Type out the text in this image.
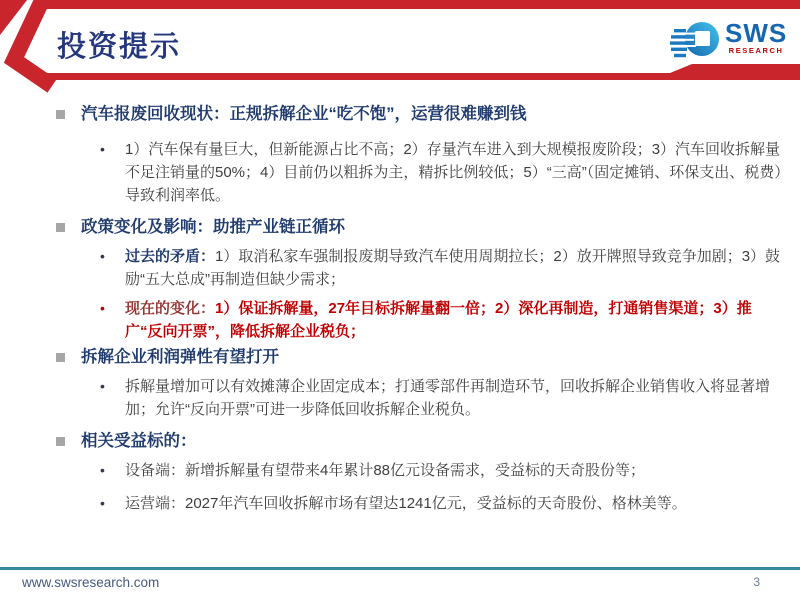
投资提示	SWS
RESEARCH
汽车报废回收现状：正规拆解企业“吃不饱”，运营很难赚到钱
•	1）汽车保有量巨大，但新能源占比不高；2）存量汽车进入到大规模报废阶段；3）汽车回收拆解量不足注销量的50%；4）目前仍以粗拆为主，精拆比例较低；5）“三高”（固定摊销、环保支出、税费）导致利润率低。

政策变化及影响：助推产业链正循环
•	过去的矛盾：1）取消私家车强制报废期导致汽车使用周期拉长；2）放开牌照导致竞争加剧；3）鼓励“五大总成”再制造但缺少需求；

•	现在的变化：1）保证拆解量，27年目标拆解量翻一倍；2）深化再制造，打通销售渠道；3）推广“反向开票”，降低拆解企业税负；

拆解企业利润弹性有望打开
•	拆解量增加可以有效摊薄企业固定成本；打通零部件再制造环节，回收拆解企业销售收入将显著增加；允许“反向开票”可进一步降低回收拆解企业税负。

相关受益标的：
•	设备端：新增拆解量有望带来4年累计88亿元设备需求，受益标的天奇股份等；

•	运营端：2027年汽车回收拆解市场有望达1241亿元，受益标的天奇股份、格林美等。

www.swsresearch.com	3
